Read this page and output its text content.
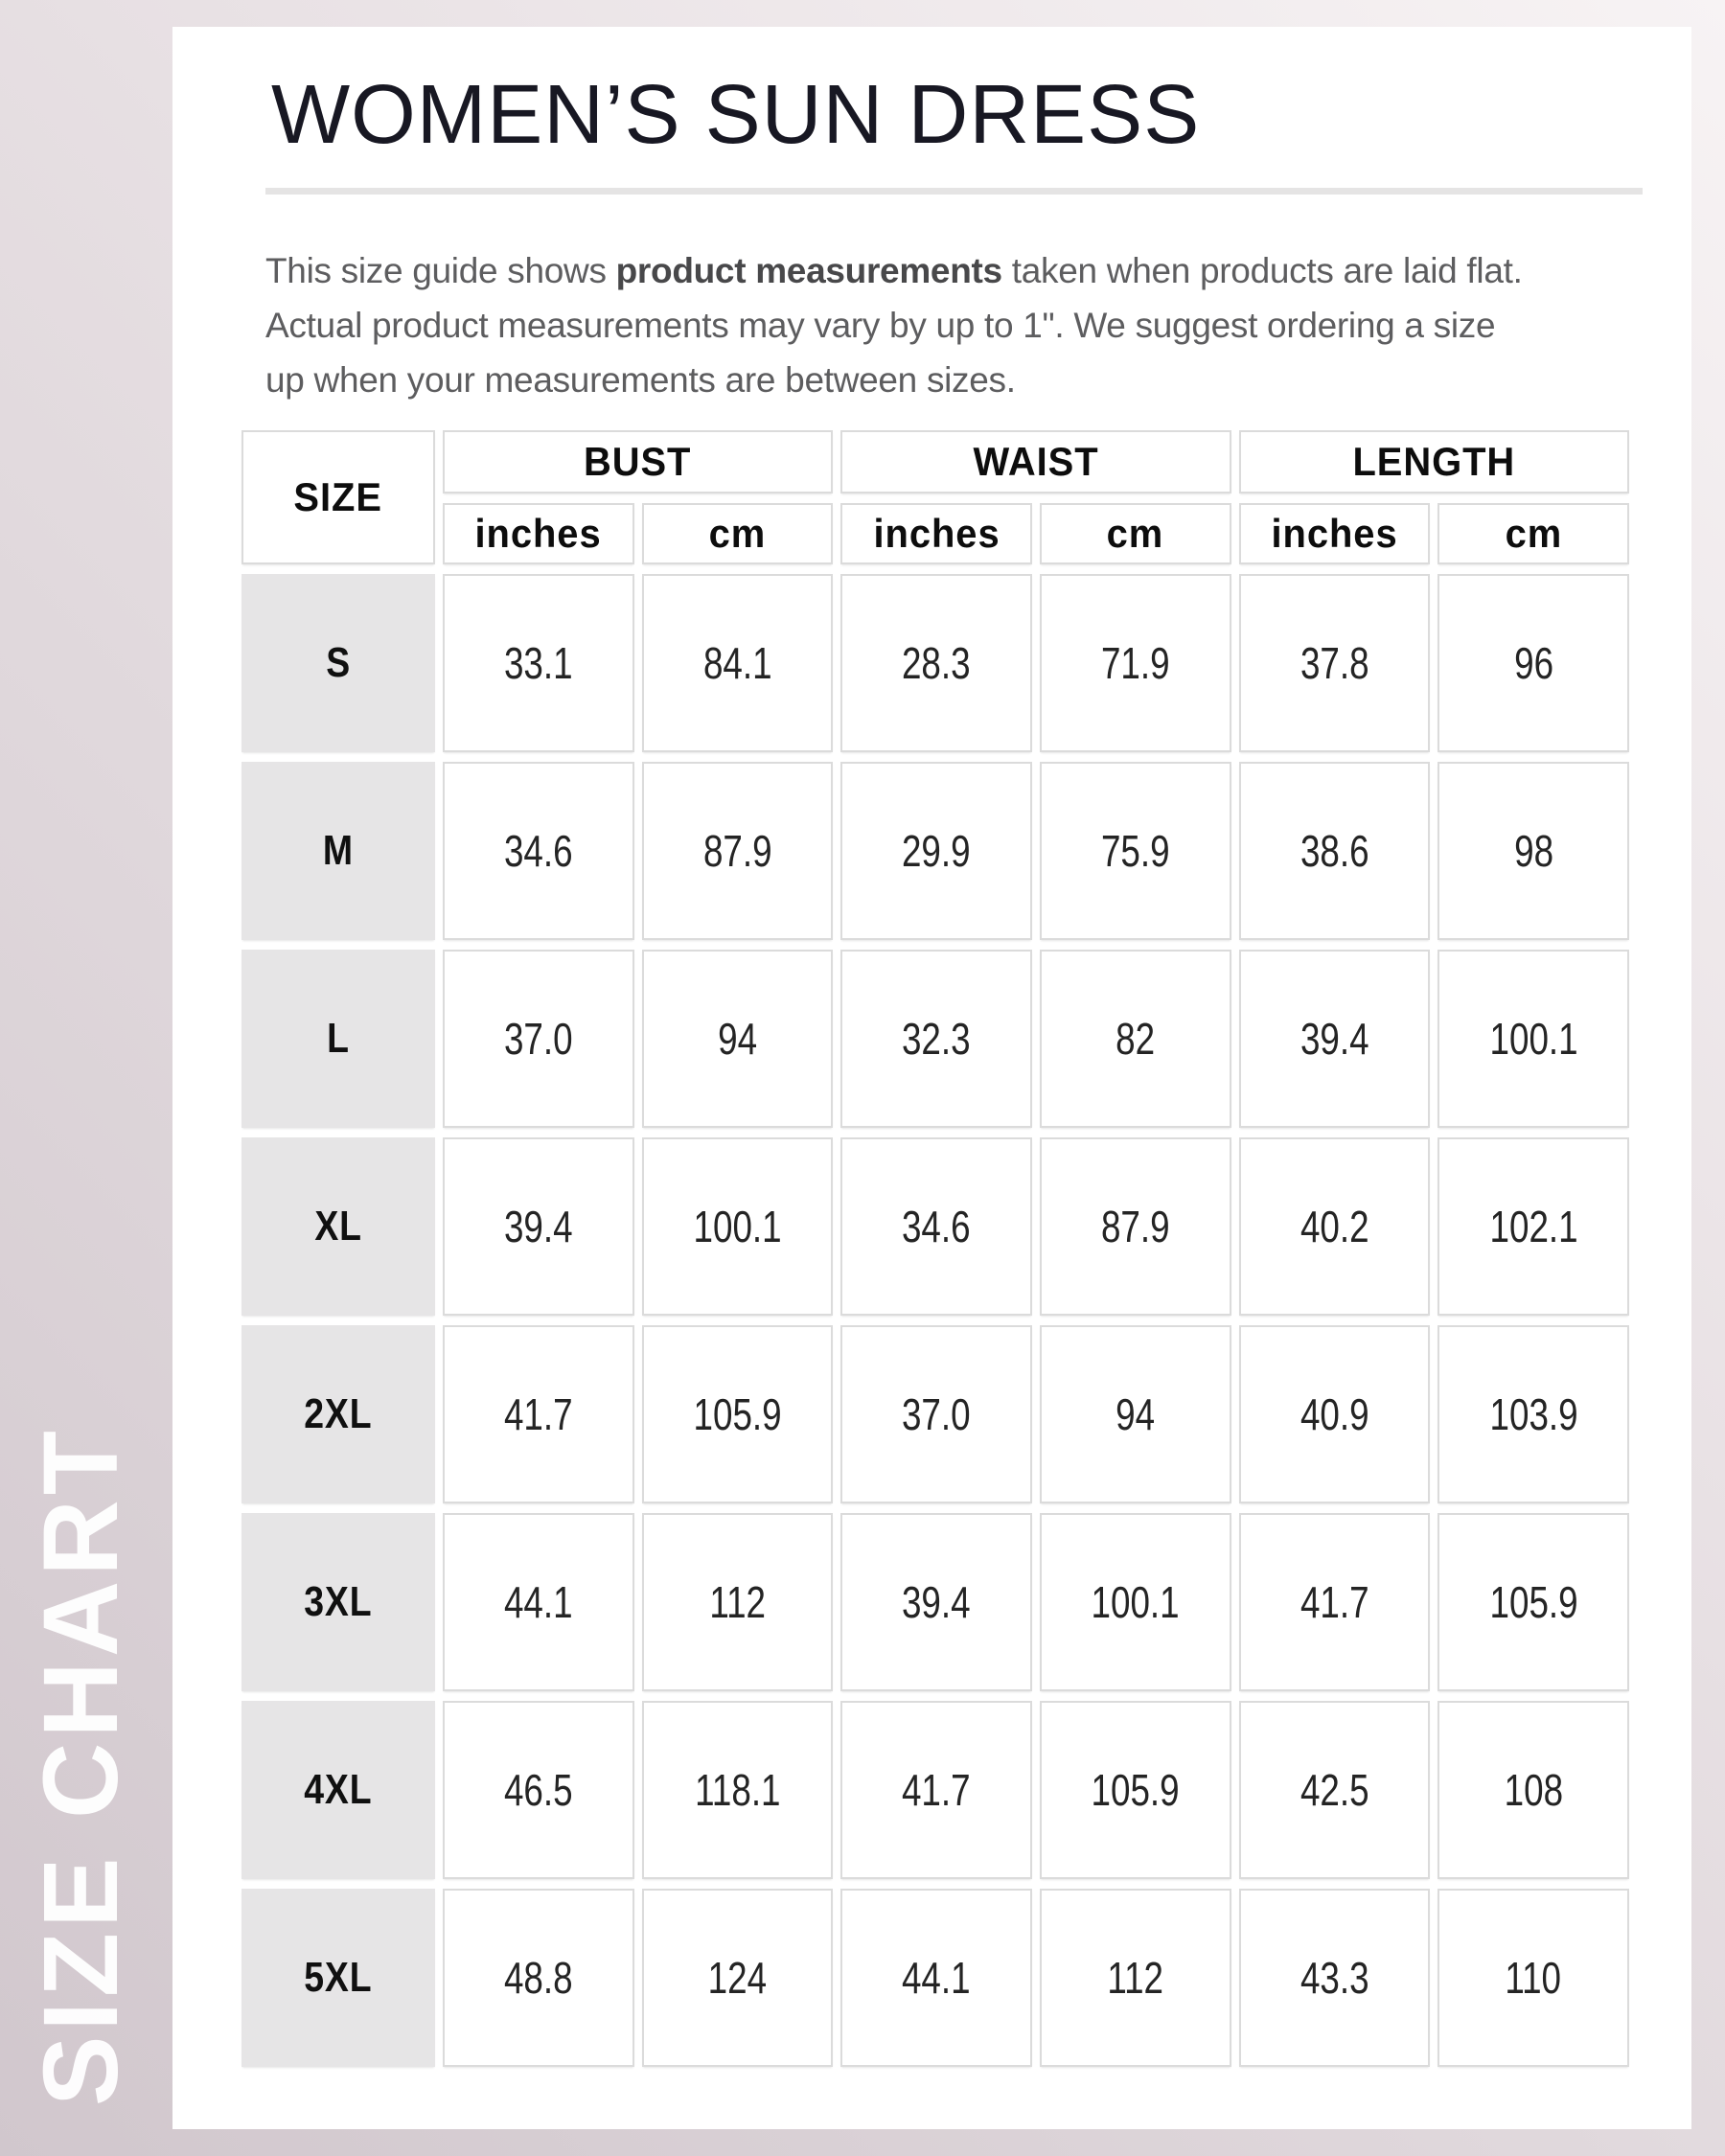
SIZE CHART
WOMEN’S SUN DRESS

This size guide shows product measurements taken when products are laid flat.
Actual product measurements may vary by up to 1". We suggest ordering a size
up when your measurements are between sizes.

SIZE
BUST	WAIST	LENGTH
inches	cm	inches	cm	inches	cm
S	33.1	84.1	28.3	71.9	37.8	96
M	34.6	87.9	29.9	75.9	38.6	98
L	37.0	94	32.3	82	39.4	100.1
XL	39.4	100.1	34.6	87.9	40.2	102.1
2XL	41.7	105.9	37.0	94	40.9	103.9
3XL	44.1	112	39.4	100.1	41.7	105.9
4XL	46.5	118.1	41.7	105.9	42.5	108
5XL	48.8	124	44.1	112	43.3	110
